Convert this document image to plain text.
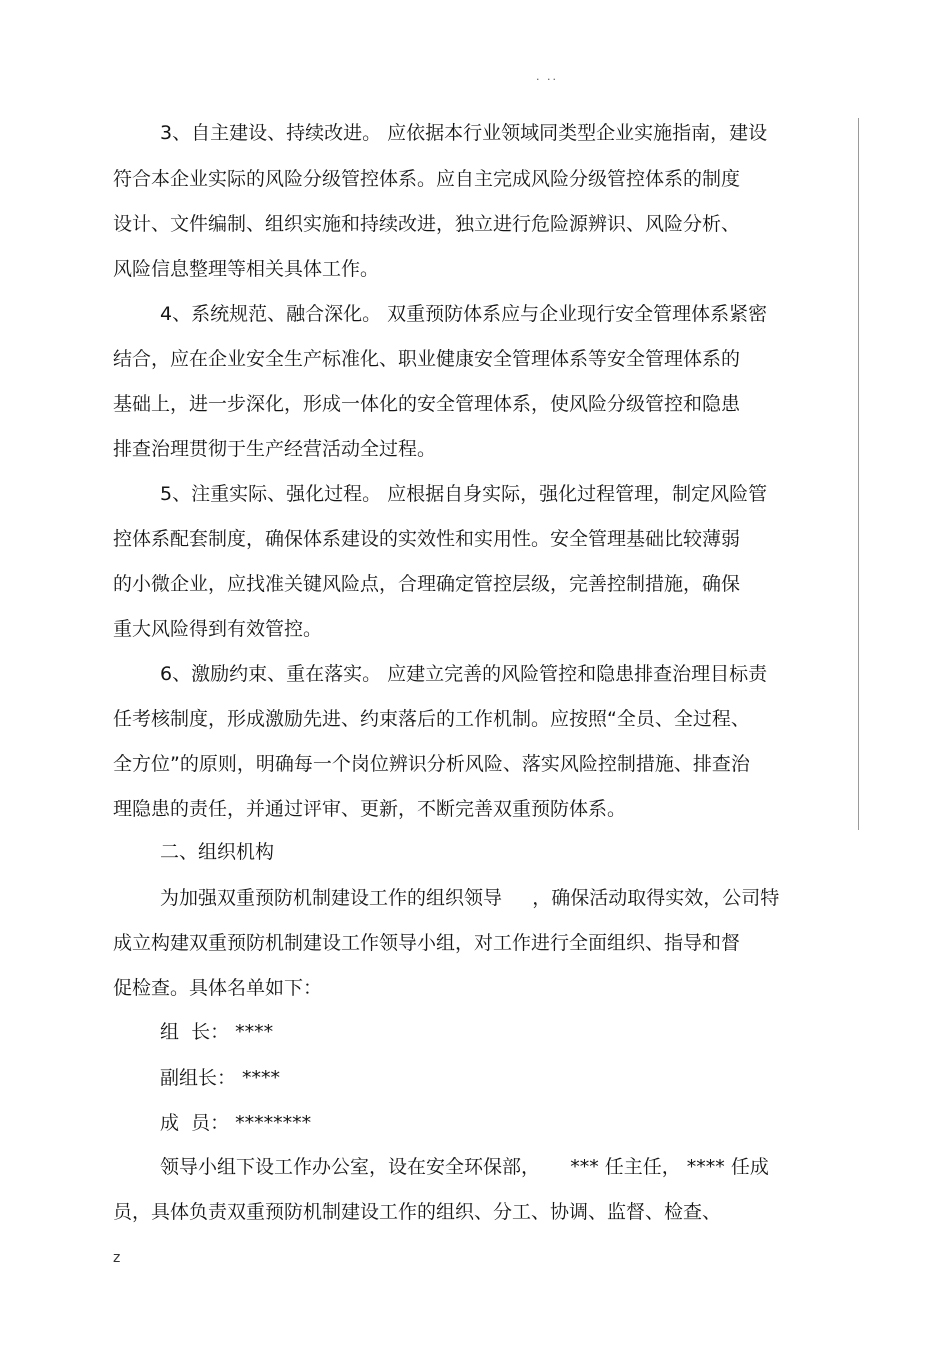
. ..
3、自主建设、持续改进。 应依据本行业领域同类型企业实施指南，建设
符合本企业实际的风险分级管控体系。应自主完成风险分级管控体系的制度
设计、文件编制、组织实施和持续改进，独立进行危险源辨识、风险分析、
风险信息整理等相关具体工作。
4、系统规范、融合深化。 双重预防体系应与企业现行安全管理体系紧密
结合，应在企业安全生产标准化、职业健康安全管理体系等安全管理体系的
基础上，进一步深化，形成一体化的安全管理体系，使风险分级管控和隐患
排查治理贯彻于生产经营活动全过程。
5、注重实际、强化过程。 应根据自身实际，强化过程管理，制定风险管
控体系配套制度，确保体系建设的实效性和实用性。安全管理基础比较薄弱
的小微企业，应找准关键风险点，合理确定管控层级，完善控制措施，确保
重大风险得到有效管控。
6、激励约束、重在落实。 应建立完善的风险管控和隐患排查治理目标责
任考核制度，形成激励先进、约束落后的工作机制。应按照“全员、全过程、
全方位”的原则，明确每一个岗位辨识分析风险、落实风险控制措施、排查治
理隐患的责任，并通过评审、更新，不断完善双重预防体系。
二、组织机构
为加强双重预防机制建设工作的组织领导     ，确保活动取得实效，公司特
成立构建双重预防机制建设工作领导小组，对工作进行全面组织、指导和督
促检查。具体名单如下：
组  长： ****
副组长： ****
成  员： ********
领导小组下设工作办公室，设在安全环保部，     *** 任主任， **** 任成
员，具体负责双重预防机制建设工作的组织、分工、协调、监督、检查、
z
